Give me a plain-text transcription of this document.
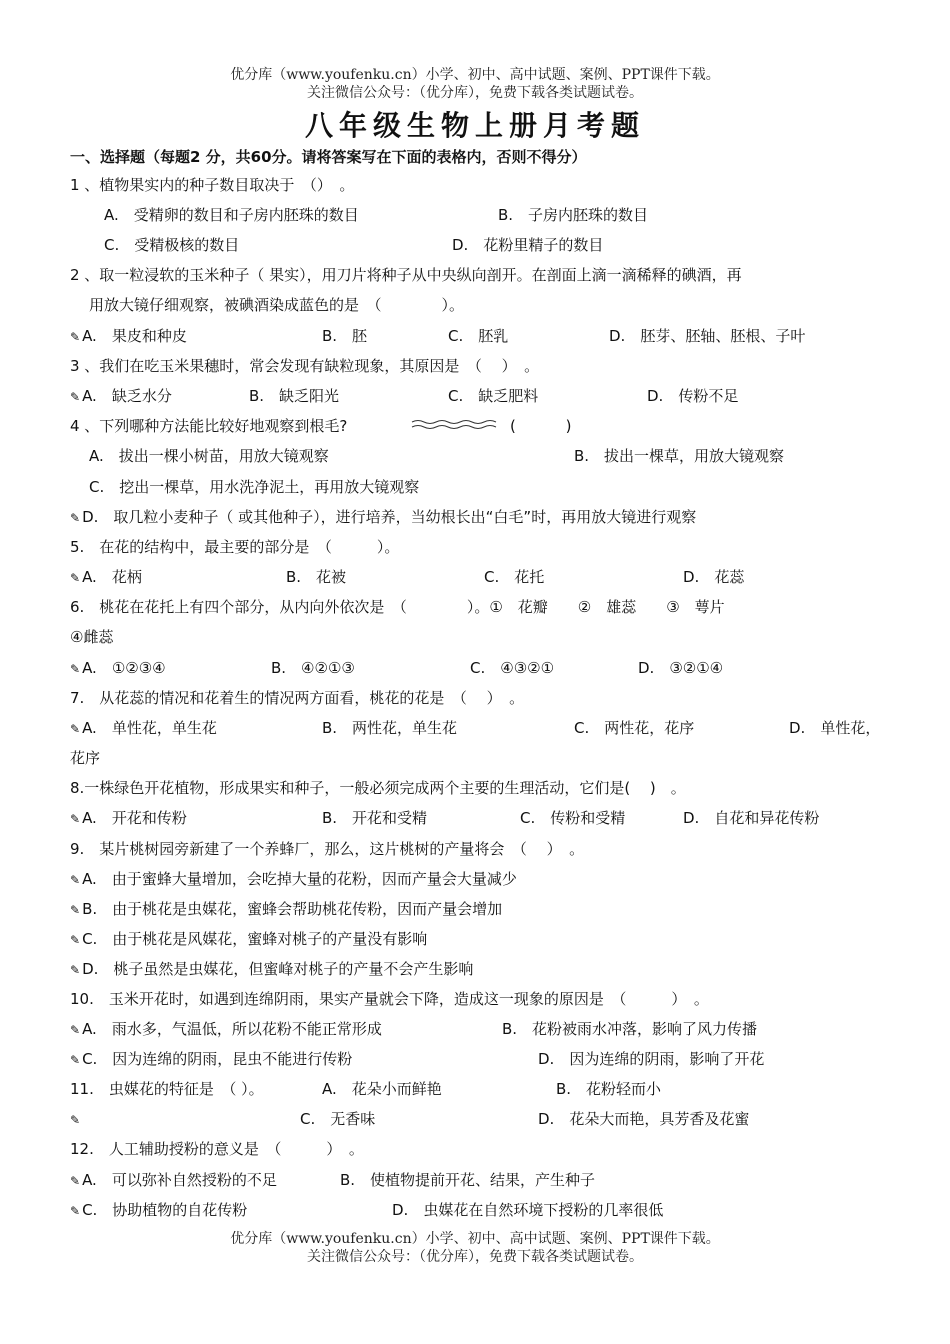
优分库（www.youfenku.cn）小学、初中、高中试题、案例、PPT课件下载。
关注微信公众号：（优分库），免费下载各类试题试卷。
八年级生物上册月考题
一、选择题（每题2 分，共60分。请将答案写在下面的表格内，否则不得分）
1 、植物果实内的种子数目取决于　（）　。
A.　受精卵的数目和子房内胚珠的数目	B.　子房内胚珠的数目
C.　受精极核的数目	D.　花粉里精子的数目
2 、取一粒浸软的玉米种子（ 果实），用刀片将种子从中央纵向剖开。在剖面上滴一滴稀释的碘酒，再
用放大镜仔细观察，被碘酒染成蓝色的是　（　　　　）。
✎ A.　果皮和种皮	B.　胚	C.　胚乳	D.　胚芽、胚轴、胚根、子叶
3 、我们在吃玉米果穗时，常会发现有缺粒现象，其原因是　（　 ）　。
✎ A.　缺乏水分	B.　缺乏阳光	C.　缺乏肥料	D.　传粉不足
4 、下列哪种方法能比较好地观察到根毛?	(　　　 )
A.　拔出一棵小树苗，用放大镜观察	B.　拔出一棵草，用放大镜观察
C.　挖出一棵草，用水洗净泥土，再用放大镜观察
✎ D.　取几粒小麦种子（ 或其他种子），进行培养，当幼根长出“白毛”时，再用放大镜进行观察
5.　在花的结构中，最主要的部分是　（　　　）。
✎ A.　花柄	B.　花被	C.　花托	D.　花蕊
6.　桃花在花托上有四个部分，从内向外依次是　（　　　　）。①　花瓣　　②　雄蕊　　③　萼片
④雌蕊
✎ A.　①②③④	B.　④②①③	C.　④③②①	D.　③②①④
7.　从花蕊的情况和花着生的情况两方面看，桃花的花是　（　 ）　。
✎ A.　单性花，单生花	B.　两性花，单生花	C.　两性花，花序	D.　单性花，
花序
8.一株绿色开花植物，形成果实和种子，一般必须完成两个主要的生理活动，它们是(　 )　。
✎ A.　开花和传粉	B.　开花和受精	C.　传粉和受精	D.　自花和异花传粉
9.　某片桃树园旁新建了一个养蜂厂，那么，这片桃树的产量将会　（　 ）　。
✎ A.　由于蜜蜂大量增加，会吃掉大量的花粉，因而产量会大量减少
✎ B.　由于桃花是虫媒花，蜜蜂会帮助桃花传粉，因而产量会增加
✎ C.　由于桃花是风媒花，蜜蜂对桃子的产量没有影响
✎ D.　桃子虽然是虫媒花，但蜜峰对桃子的产量不会产生影响
10.　玉米开花时，如遇到连绵阴雨，果实产量就会下降，造成这一现象的原因是　（　　　）　。
✎ A.　雨水多，气温低，所以花粉不能正常形成	B.　花粉被雨水冲落，影响了风力传播
✎ C.　因为连绵的阴雨，昆虫不能进行传粉	D.　因为连绵的阴雨，影响了开花
11.　虫媒花的特征是　（ ）。	A.　花朵小而鲜艳	B.　花粉轻而小
✎	C.　无香味	D.　花朵大而艳，具芳香及花蜜
12.　人工辅助授粉的意义是　（　　　）　。
✎ A.　可以弥补自然授粉的不足	B.　使植物提前开花、结果，产生种子
✎ C.　协助植物的自花传粉	D.　虫媒花在自然环境下授粉的几率很低
优分库（www.youfenku.cn）小学、初中、高中试题、案例、PPT课件下载。
关注微信公众号：（优分库），免费下载各类试题试卷。
